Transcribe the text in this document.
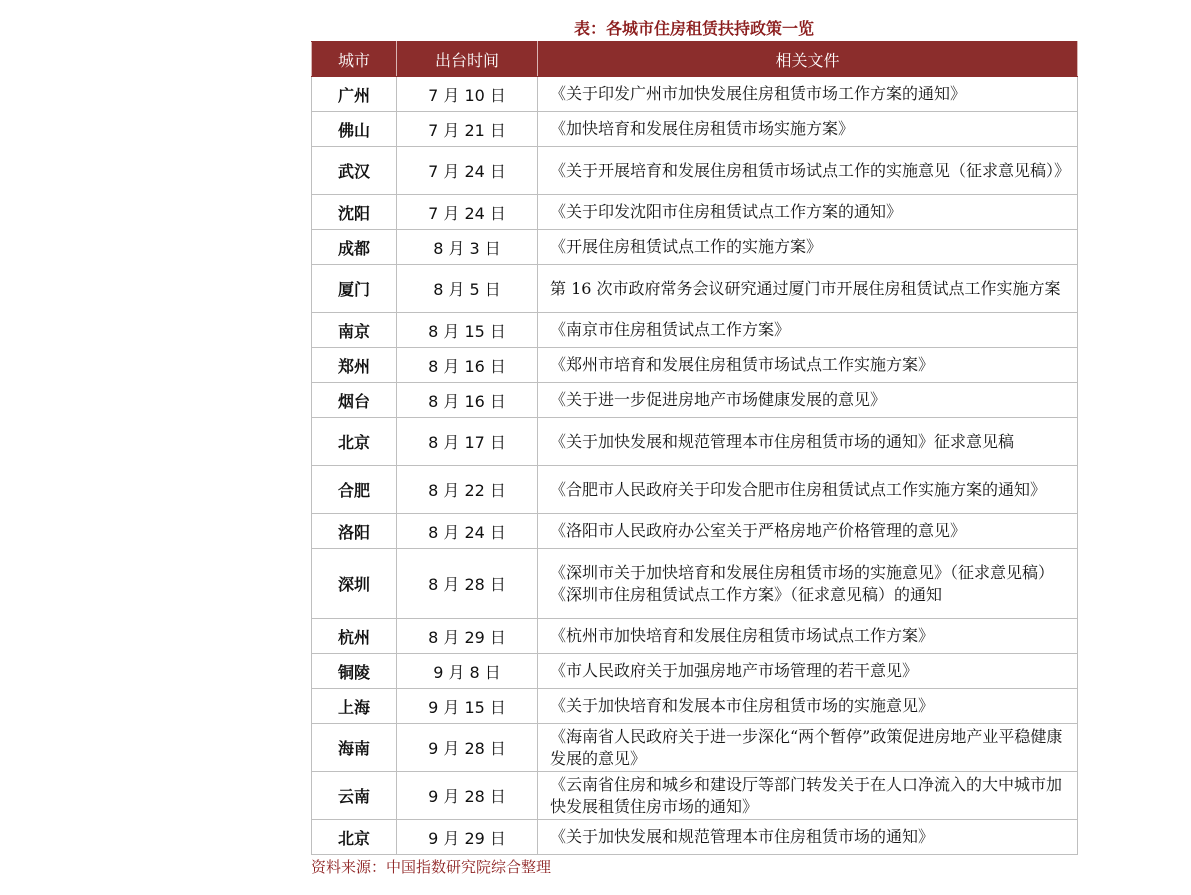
表：各城市住房租赁扶持政策一览
城市	出台时间	相关文件
广州	7 月 10 日	《关于印发广州市加快发展住房租赁市场工作方案的通知》

佛山	7 月 21 日	《加快培育和发展住房租赁市场实施方案》

武汉	7 月 24 日	《关于开展培育和发展住房租赁市场试点工作的实施意见（征求意见稿）》

沈阳	7 月 24 日	《关于印发沈阳市住房租赁试点工作方案的通知》

成都	8 月 3 日	《开展住房租赁试点工作的实施方案》

厦门	8 月 5 日	第 16 次市政府常务会议研究通过厦门市开展住房租赁试点工作实施方案

南京	8 月 15 日	《南京市住房租赁试点工作方案》

郑州	8 月 16 日	《郑州市培育和发展住房租赁市场试点工作实施方案》

烟台	8 月 16 日	《关于进一步促进房地产市场健康发展的意见》

北京	8 月 17 日	《关于加快发展和规范管理本市住房租赁市场的通知》征求意见稿

合肥	8 月 22 日	《合肥市人民政府关于印发合肥市住房租赁试点工作实施方案的通知》

洛阳	8 月 24 日	《洛阳市人民政府办公室关于严格房地产价格管理的意见》

深圳	8 月 28 日	《深圳市关于加快培育和发展住房租赁市场的实施意见》（征求意见稿）
《深圳市住房租赁试点工作方案》（征求意见稿）的通知

杭州	8 月 29 日	《杭州市加快培育和发展住房租赁市场试点工作方案》

铜陵	9 月 8 日	《市人民政府关于加强房地产市场管理的若干意见》

上海	9 月 15 日	《关于加快培育和发展本市住房租赁市场的实施意见》

海南	9 月 28 日	《海南省人民政府关于进一步深化“两个暂停”政策促进房地产业平稳健康发展的意见》

云南	9 月 28 日	《云南省住房和城乡和建设厅等部门转发关于在人口净流入的大中城市加快发展租赁住房市场的通知》

北京	9 月 29 日	《关于加快发展和规范管理本市住房租赁市场的通知》
资料来源：中国指数研究院综合整理
